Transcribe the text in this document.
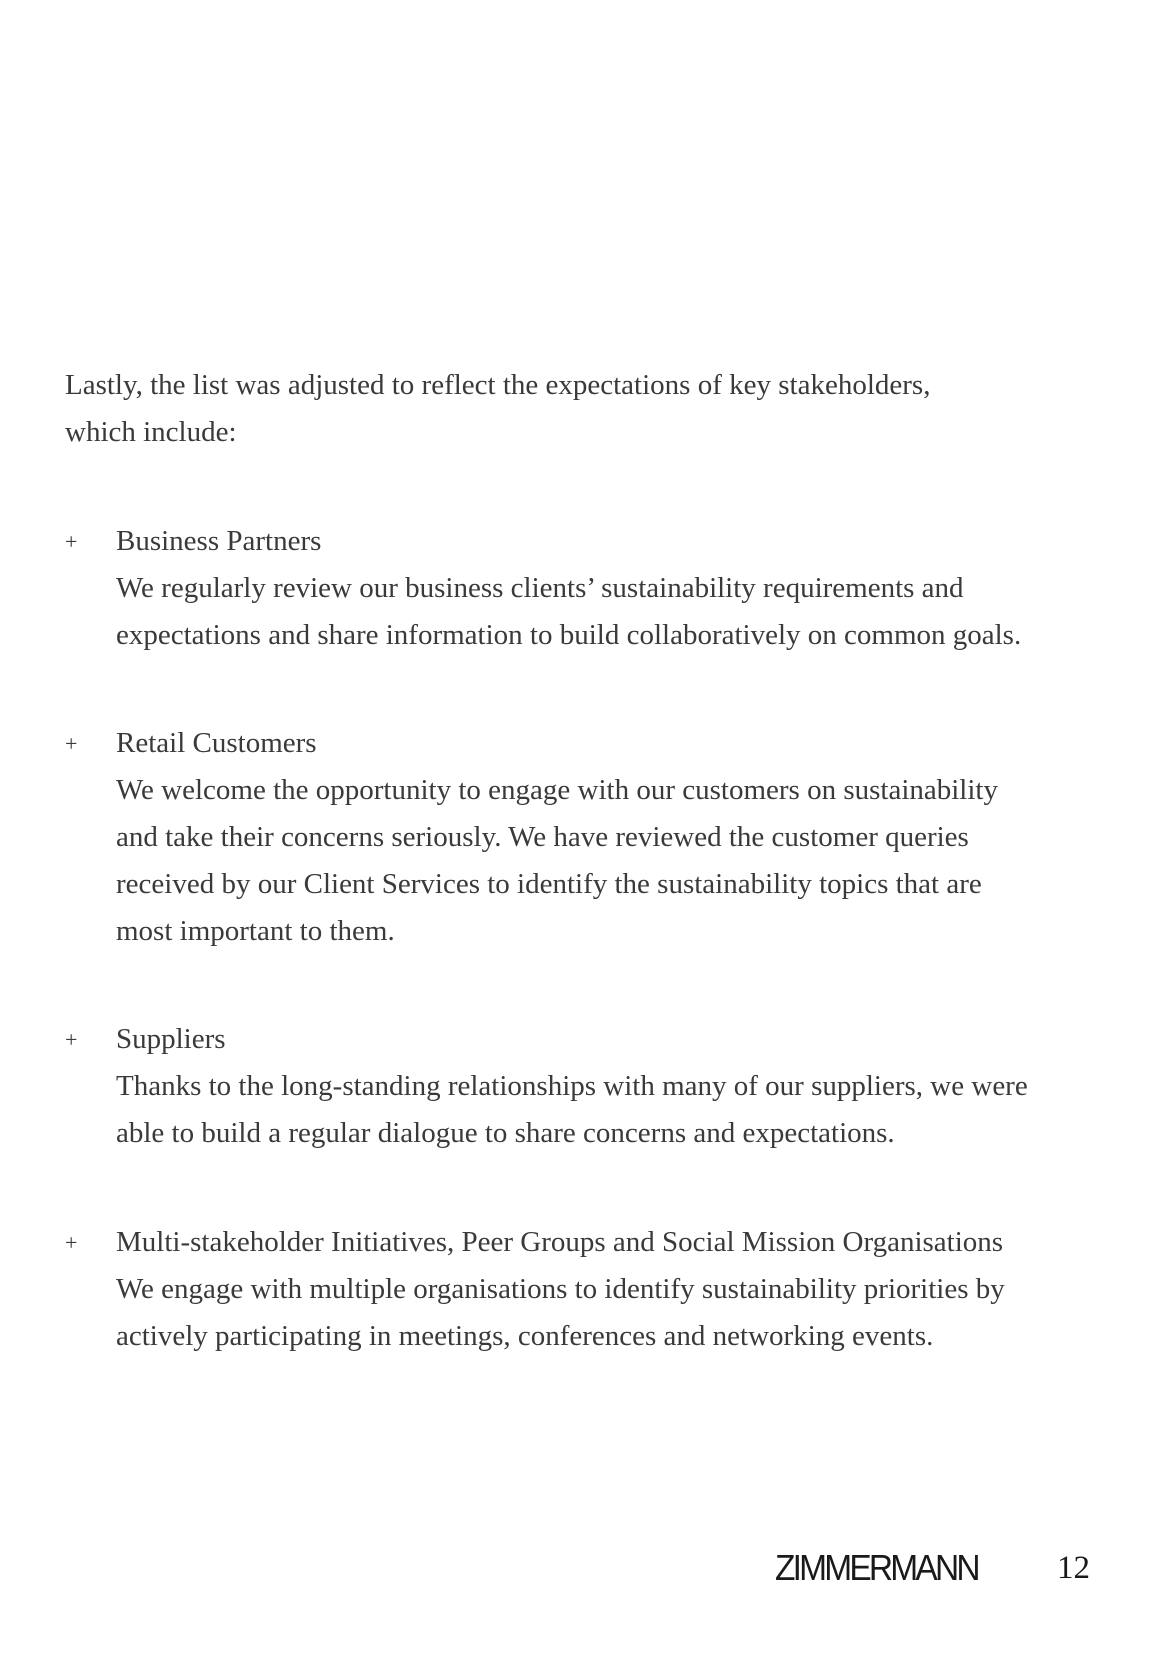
Lastly, the list was adjusted to reflect the expectations of key stakeholders,
which include:
+ Business Partners
We regularly review our business clients’ sustainability requirements and
expectations and share information to build collaboratively on common goals.
+ Retail Customers
We welcome the opportunity to engage with our customers on sustainability
and take their concerns seriously. We have reviewed the customer queries
received by our Client Services to identify the sustainability topics that are
most important to them.
+ Suppliers
Thanks to the long-standing relationships with many of our suppliers, we were
able to build a regular dialogue to share concerns and expectations.
+ Multi-stakeholder Initiatives, Peer Groups and Social Mission Organisations
We engage with multiple organisations to identify sustainability priorities by
actively participating in meetings, conferences and networking events.
ZIMMERMANN 12
